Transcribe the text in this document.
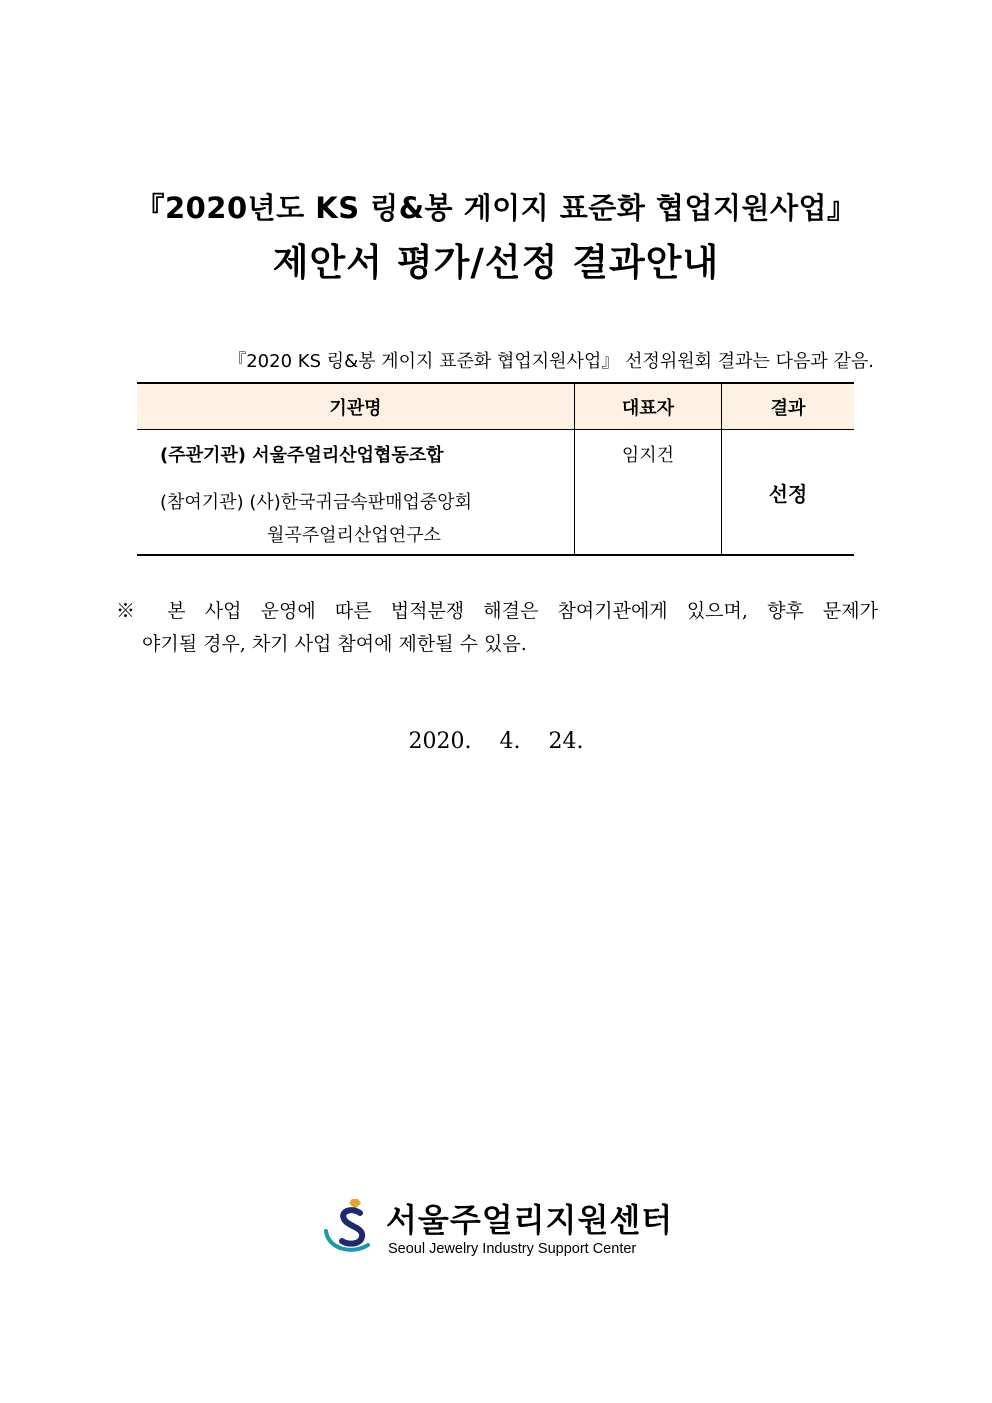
『2020년도 KS 링&봉 게이지 표준화 협업지원사업』
제안서 평가/선정 결과안내
『2020 KS 링&봉 게이지 표준화 협업지원사업』 선정위원회 결과는 다음과 같음.
기관명	대표자	결과

(주관기관) 서울주얼리산업협동조합
(참여기관) (사)한국귀금속판매업중앙회
월곡주얼리산업연구소	임지건	선정
※ 본 사업 운영에 따른 법적분쟁 해결은 참여기관에게 있으며, 향후 문제가
야기될 경우, 차기 사업 참여에 제한될 수 있음.
2020.    4.    24.
서울주얼리지원센터
Seoul Jewelry Industry Support Center
